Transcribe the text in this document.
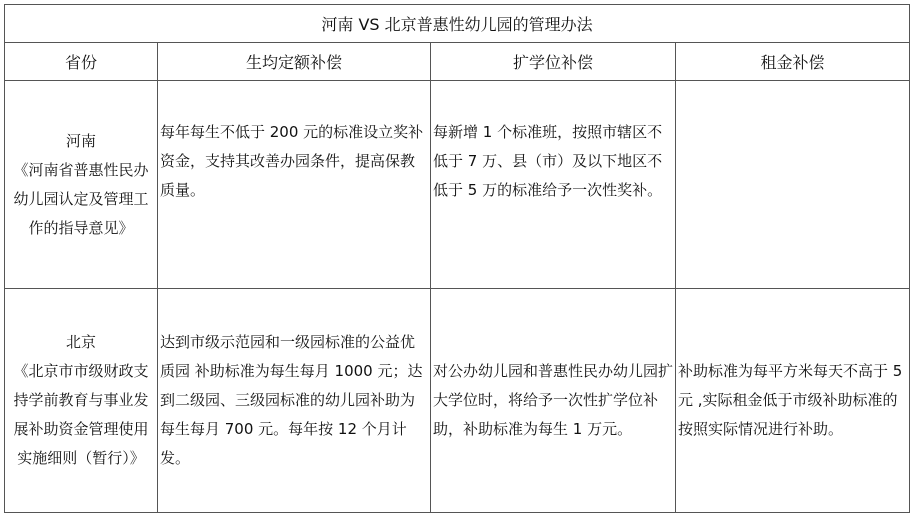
河南 VS 北京普惠性幼儿园的管理办法			
省份	生均定额补偿	扩学位补偿	租金补偿

河南
《河南省普惠性民办幼儿园认定及管理工作的指导意见》	每年每生不低于 200 元的标准设立奖补资金，支持其改善办园条件，提高保教质量。	每新增 1 个标准班，按照市辖区不低于 7 万、县（市）及以下地区不低于 5 万的标准给予一次性奖补。	

北京
《北京市市级财政支持学前教育与事业发展补助资金管理使用实施细则（暂行）》	达到市级示范园和一级园标准的公益优质园 补助标准为每生每月 1000 元；达到二级园、三级园标准的幼儿园补助为每生每月 700 元。每年按 12 个月计发。	对公办幼儿园和普惠性民办幼儿园扩大学位时，将给予一次性扩学位补助，补助标准为每生 1 万元。	补助标准为每平方米每天不高于 5 元 ,实际租金低于市级补助标准的按照实际情况进行补助。
